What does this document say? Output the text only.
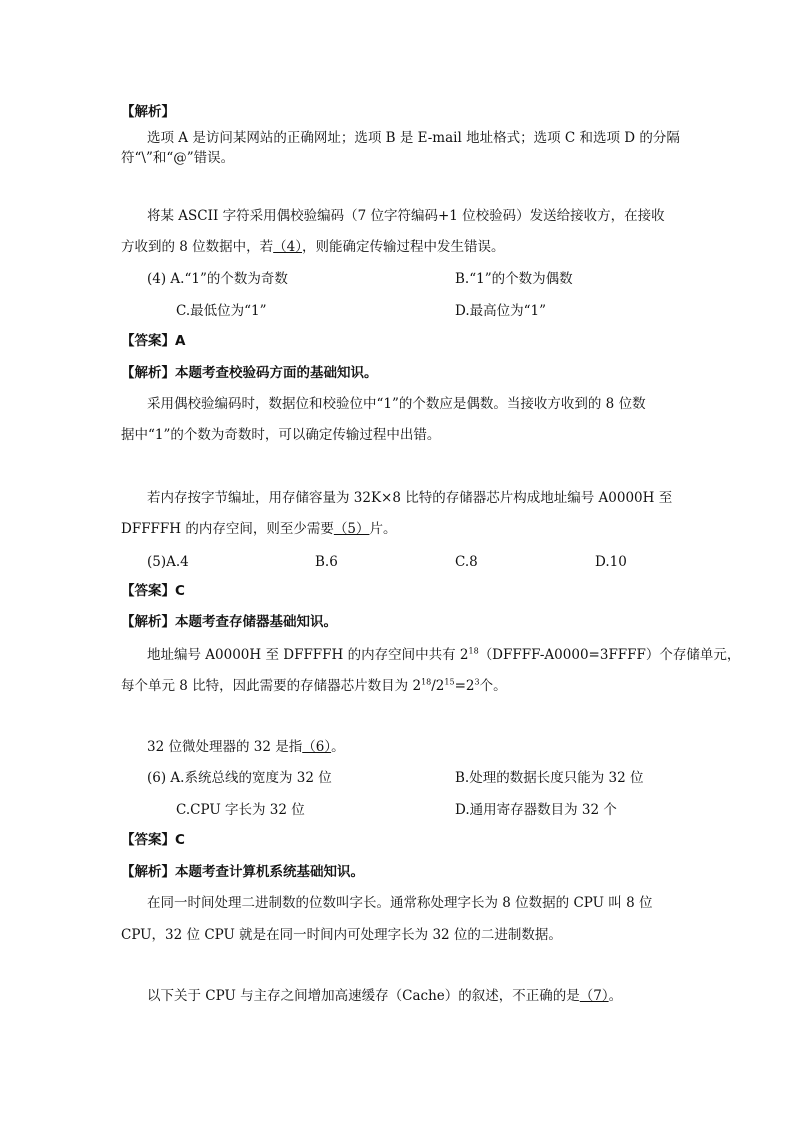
【解析】
选项 A 是访问某网站的正确网址；选项 B 是 E-mail 地址格式；选项 C 和选项 D 的分隔
符“\”和“@”错误。
将某 ASCII 字符采用偶校验编码（7 位字符编码+1 位校验码）发送给接收方，在接收
方收到的 8 位数据中，若（4），则能确定传输过程中发生错误。
(4) A.“1”的个数为奇数	B.“1”的个数为偶数
C.最低位为“1”	D.最高位为“1”
【答案】A
【解析】本题考查校验码方面的基础知识。
采用偶校验编码时，数据位和校验位中“1”的个数应是偶数。当接收方收到的 8 位数
据中“1”的个数为奇数时，可以确定传输过程中出错。
若内存按字节编址，用存储容量为 32K×8 比特的存储器芯片构成地址编号 A0000H 至
DFFFFH 的内存空间，则至少需要（5）片。
(5)A.4	B.6	C.8	D.10
【答案】C
【解析】本题考查存储器基础知识。
地址编号 A0000H 至 DFFFFH 的内存空间中共有 $2^{18}(DFFFF-A0000=3FFFF)$个存储单元，
每个单元 8 比特，因此需要的存储器芯片数目为 $2^{18}/2^{15}=2^3$个。
32 位微处理器的 32 是指（6）。
(6) A.系统总线的宽度为 32 位	B.处理的数据长度只能为 32 位
C.CPU 字长为 32 位	D.通用寄存器数目为 32 个
【答案】C
【解析】本题考查计算机系统基础知识。
在同一时间处理二进制数的位数叫字长。通常称处理字长为 8 位数据的 CPU 叫 8 位
CPU，32 位 CPU 就是在同一时间内可处理字长为 32 位的二进制数据。
以下关于 CPU 与主存之间增加高速缓存（Cache）的叙述，不正确的是（7）。
